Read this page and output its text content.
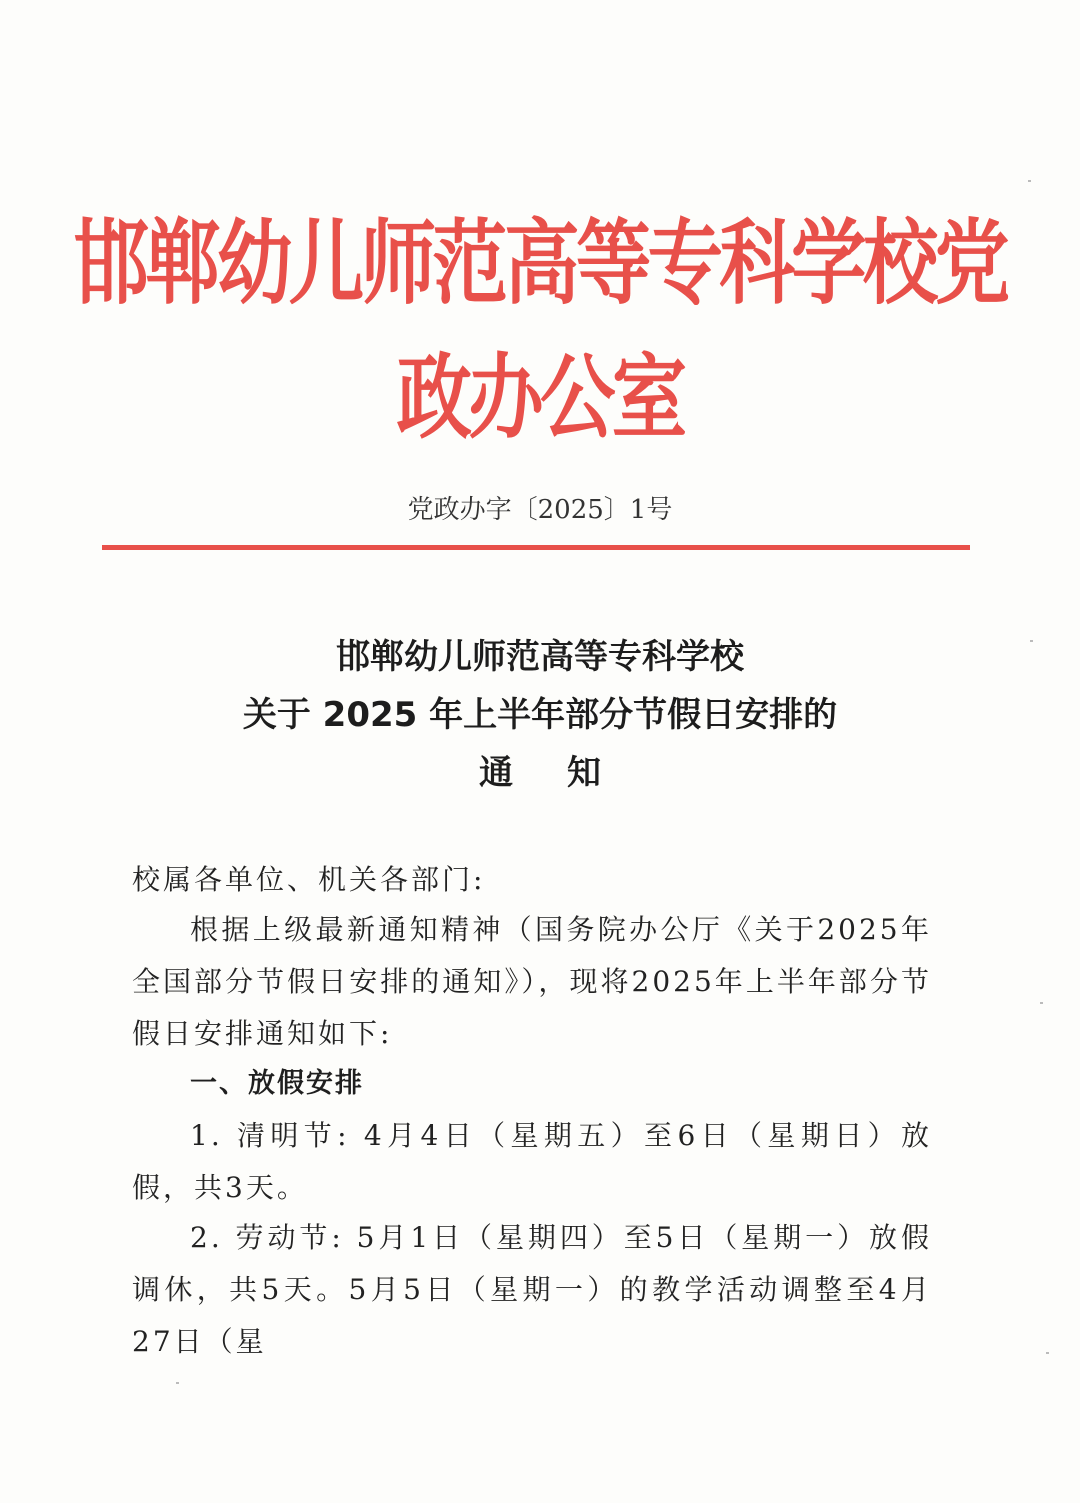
邯郸幼儿师范高等专科学校党政办公室
党政办字〔2025〕1号
邯郸幼儿师范高等专科学校
关于 2025 年上半年部分节假日安排的
通知
校属各单位、机关各部门:
根据上级最新通知精神（国务院办公厅《关于2025年全国部分节假日安排的通知》），现将2025年上半年部分节假日安排通知如下:
一、放假安排
1. 清明节: 4月4日（星期五）至6日（星期日）放假，共3天。
2. 劳动节: 5月1日（星期四）至5日（星期一）放假调休，共5天。5月5日（星期一）的教学活动调整至4月27日（星
